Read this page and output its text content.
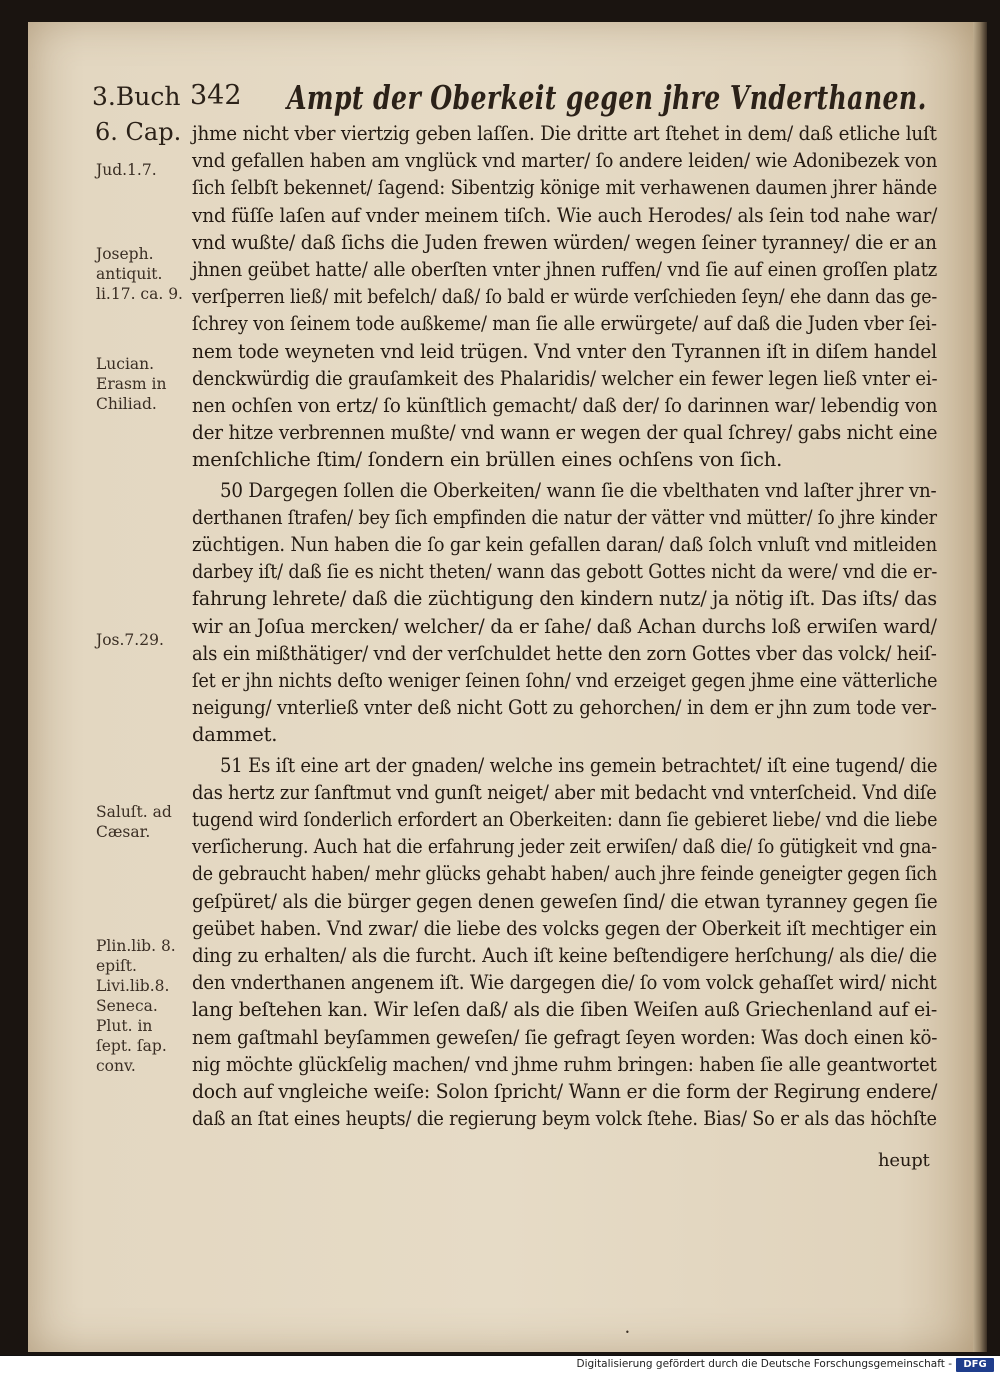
3.Buch 342 Ampt der Oberkeit gegen jhre Vnderthanen.
6. Cap.
Jud.1.7.
Joseph. antiquit. li.17. ca. 9.
Lucian. Erasm in Chiliad.
Jos.7.29.
Saluſt. ad Cæsar.
Plin.lib. 8. epiſt. Livi.lib.8. Seneca. Plut. in ſept. ſap. conv.
jhme nicht vber viertzig geben laſſen. Die dritte art ſtehet in dem/ daß etliche luſt
vnd gefallen haben am vnglück vnd marter/ ſo andere leiden/ wie Adonibezek von
ſich ſelbſt bekennet/ ſagend: Sibentzig könige mit verhawenen daumen jhrer hände
vnd füſſe laſen auf vnder meinem tiſch. Wie auch Herodes/ als ſein tod nahe war/
vnd wußte/ daß ſichs die Juden frewen würden/ wegen ſeiner tyranney/ die er an
jhnen geübet hatte/ alle oberſten vnter jhnen ruffen/ vnd ſie auf einen groſſen platz
verſperren ließ/ mit befelch/ daß/ ſo bald er würde verſchieden ſeyn/ ehe dann das ge-
ſchrey von ſeinem tode außkeme/ man ſie alle erwürgete/ auf daß die Juden vber ſei-
nem tode weyneten vnd leid trügen. Vnd vnter den Tyrannen iſt in diſem handel
denckwürdig die grauſamkeit des Phalaridis/ welcher ein fewer legen ließ vnter ei-
nen ochſen von ertz/ ſo künſtlich gemacht/ daß der/ ſo darinnen war/ lebendig von
der hitze verbrennen mußte/ vnd wann er wegen der qual ſchrey/ gabs nicht eine
menſchliche ſtim/ ſondern ein brüllen eines ochſens von ſich.
50 Dargegen ſollen die Oberkeiten/ wann ſie die vbelthaten vnd laſter jhrer vn-
derthanen ſtrafen/ bey ſich empfinden die natur der vätter vnd mütter/ ſo jhre kinder
züchtigen. Nun haben die ſo gar kein gefallen daran/ daß ſolch vnluſt vnd mitleiden
darbey iſt/ daß ſie es nicht theten/ wann das gebott Gottes nicht da were/ vnd die er-
fahrung lehrete/ daß die züchtigung den kindern nutz/ ja nötig iſt. Das iſts/ das
wir an Joſua mercken/ welcher/ da er ſahe/ daß Achan durchs loß erwiſen ward/
als ein mißthätiger/ vnd der verſchuldet hette den zorn Gottes vber das volck/ heiſ-
ſet er jhn nichts deſto weniger ſeinen ſohn/ vnd erzeiget gegen jhme eine vätterliche
neigung/ vnterließ vnter deß nicht Gott zu gehorchen/ in dem er jhn zum tode ver-
dammet.
51 Es iſt eine art der gnaden/ welche ins gemein betrachtet/ iſt eine tugend/ die
das hertz zur ſanftmut vnd gunſt neiget/ aber mit bedacht vnd vnterſcheid. Vnd diſe
tugend wird ſonderlich erfordert an Oberkeiten: dann ſie gebieret liebe/ vnd die liebe
verſicherung. Auch hat die erfahrung jeder zeit erwiſen/ daß die/ ſo gütigkeit vnd gna-
de gebraucht haben/ mehr glücks gehabt haben/ auch jhre feinde geneigter gegen ſich
geſpüret/ als die bürger gegen denen geweſen ſind/ die etwan tyranney gegen ſie
geübet haben. Vnd zwar/ die liebe des volcks gegen der Oberkeit iſt mechtiger ein
ding zu erhalten/ als die furcht. Auch iſt keine beſtendigere herſchung/ als die/ die
den vnderthanen angenem iſt. Wie dargegen die/ ſo vom volck gehaſſet wird/ nicht
lang beſtehen kan. Wir leſen daß/ als die ſiben Weiſen auß Griechenland auf ei-
nem gaſtmahl beyſammen geweſen/ ſie gefragt ſeyen worden: Was doch einen kö-
nig möchte glückſelig machen/ vnd jhme ruhm bringen: haben ſie alle geantwortet
doch auf vngleiche weiſe: Solon ſpricht/ Wann er die form der Regirung endere/
daß an ſtat eines heupts/ die regierung beym volck ſtehe. Bias/ So er als das höchſte
heupt
•
Digitalisierung gefördert durch die Deutsche Forschungsgemeinschaft -	DFG
